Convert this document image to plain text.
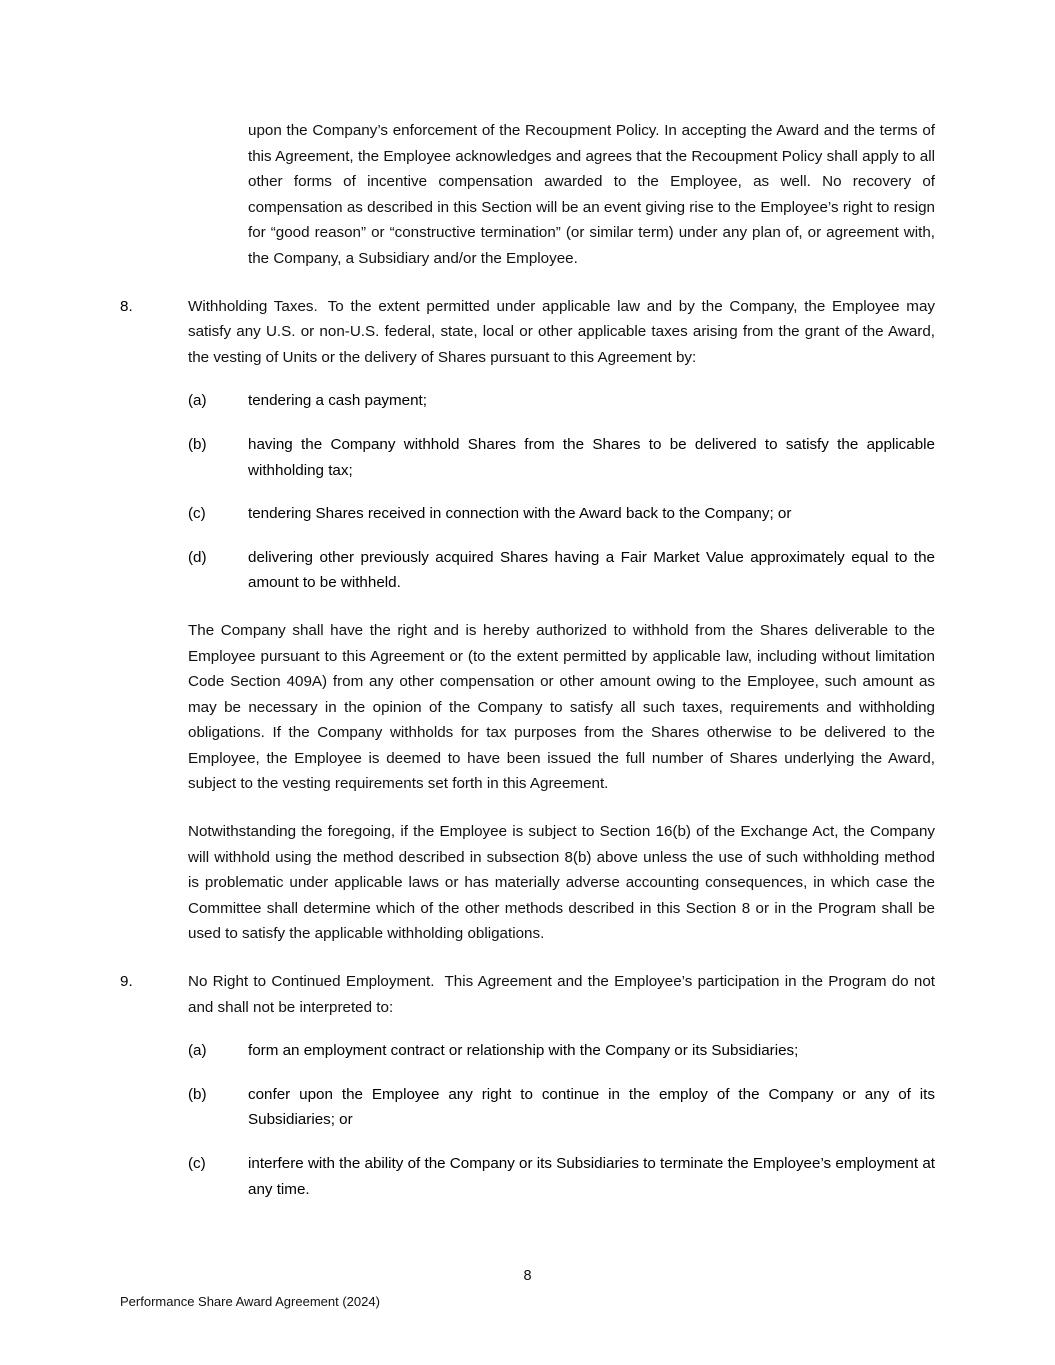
upon the Company’s enforcement of the Recoupment Policy. In accepting the Award and the terms of this Agreement, the Employee acknowledges and agrees that the Recoupment Policy shall apply to all other forms of incentive compensation awarded to the Employee, as well. No recovery of compensation as described in this Section will be an event giving rise to the Employee’s right to resign for “good reason” or “constructive termination” (or similar term) under any plan of, or agreement with, the Company, a Subsidiary and/or the Employee.

8.	Withholding Taxes. To the extent permitted under applicable law and by the Company, the Employee may satisfy any U.S. or non-U.S. federal, state, local or other applicable taxes arising from the grant of the Award, the vesting of Units or the delivery of Shares pursuant to this Agreement by:

(a)	tendering a cash payment;
(b)	having the Company withhold Shares from the Shares to be delivered to satisfy the applicable withholding tax;
(c)	tendering Shares received in connection with the Award back to the Company; or
(d)	delivering other previously acquired Shares having a Fair Market Value approximately equal to the amount to be withheld.

The Company shall have the right and is hereby authorized to withhold from the Shares deliverable to the Employee pursuant to this Agreement or (to the extent permitted by applicable law, including without limitation Code Section 409A) from any other compensation or other amount owing to the Employee, such amount as may be necessary in the opinion of the Company to satisfy all such taxes, requirements and withholding obligations. If the Company withholds for tax purposes from the Shares otherwise to be delivered to the Employee, the Employee is deemed to have been issued the full number of Shares underlying the Award, subject to the vesting requirements set forth in this Agreement.

Notwithstanding the foregoing, if the Employee is subject to Section 16(b) of the Exchange Act, the Company will withhold using the method described in subsection 8(b) above unless the use of such withholding method is problematic under applicable laws or has materially adverse accounting consequences, in which case the Committee shall determine which of the other methods described in this Section 8 or in the Program shall be used to satisfy the applicable withholding obligations.

9.	No Right to Continued Employment. This Agreement and the Employee’s participation in the Program do not and shall not be interpreted to:

(a)	form an employment contract or relationship with the Company or its Subsidiaries;
(b)	confer upon the Employee any right to continue in the employ of the Company or any of its Subsidiaries; or
(c)	interfere with the ability of the Company or its Subsidiaries to terminate the Employee’s employment at any time.
8
Performance Share Award Agreement (2024)
